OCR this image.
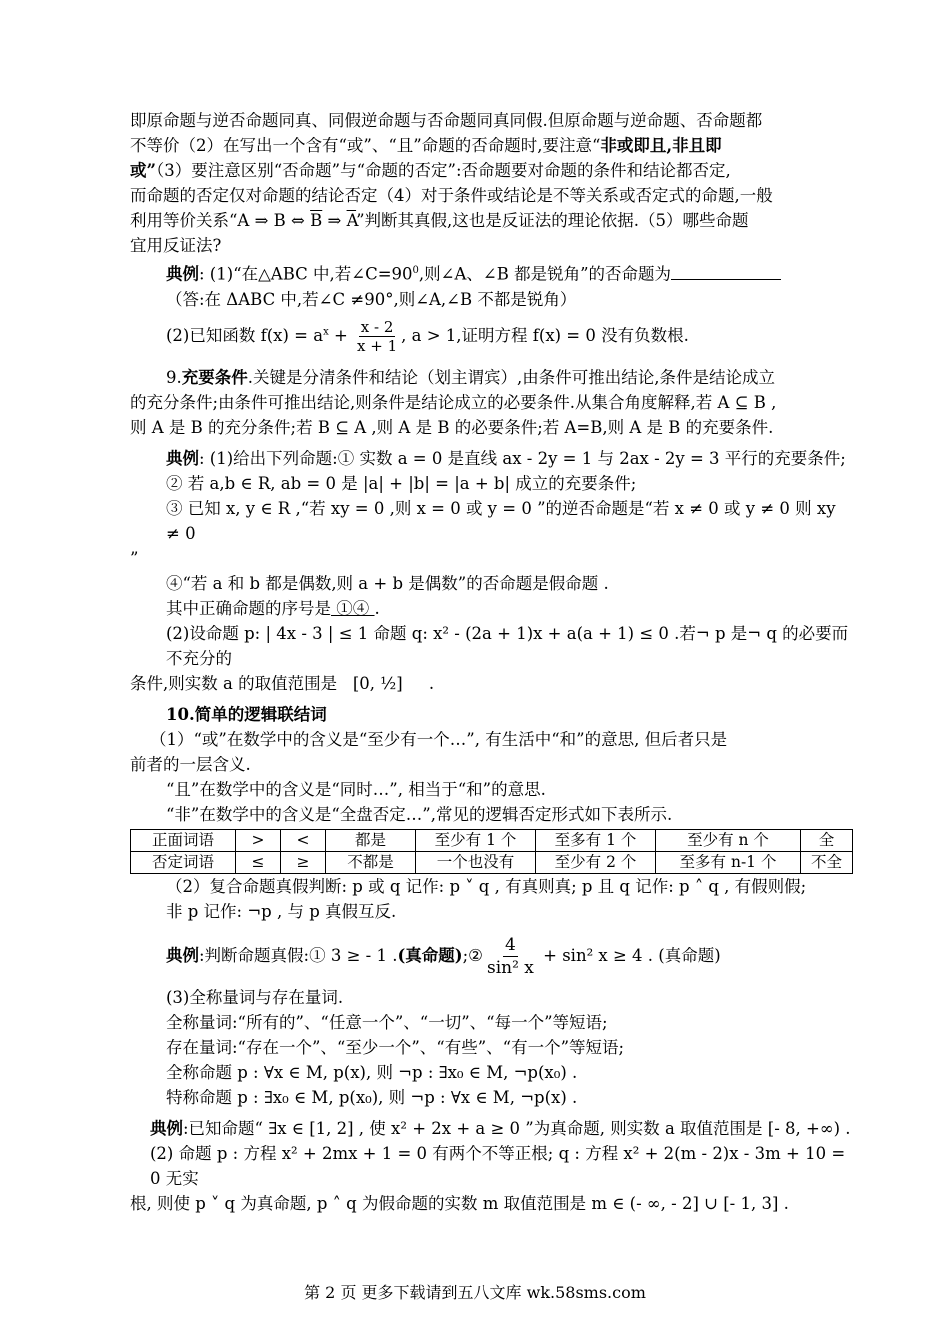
即原命题与逆否命题同真、同假逆命题与否命题同真同假.但原命题与逆命题、否命题都

不等价（2）在写出一个含有“或”、“且”命题的否命题时,要注意“非或即且,非且即

或”（3）要注意区别“否命题”与“命题的否定”:否命题要对命题的条件和结论都否定,

而命题的否定仅对命题的结论否定（4）对于条件或结论是不等关系或否定式的命题,一般

利用等价关系“A ⇒ B ⇔ $\overline{B}$ ⇒ $\overline{A}$”判断其真假,这也是反证法的理论依据.（5）哪些命题

宜用反证法?

典例: (1)“在△ABC 中,若$\angle C=90^0$,则∠A、∠B 都是锐角”的否命题为

（答:在 ΔABC 中,若∠C ≠90°,则∠A,∠B 不都是锐角）

(2)已知函数 $f(x) = a^x + \frac{x - 2}{x + 1}$ , a > 1,证明方程 f(x) = 0 没有负数根.

9.充要条件.关键是分清条件和结论（划主谓宾）,由条件可推出结论,条件是结论成立

的充分条件;由条件可推出结论,则条件是结论成立的必要条件.从集合角度解释,若 A ⊆ B ,

则 A 是 B 的充分条件;若 B ⊆ A ,则 A 是 B 的必要条件;若 A=B,则 A 是 B 的充要条件.

典例: (1)给出下列命题:① 实数 a = 0 是直线 ax - 2y = 1 与 2ax - 2y = 3 平行的充要条件;

② 若 a,b ∈ R, ab = 0 是 |a| + |b| = |a + b| 成立的充要条件;

③ 已知 x, y ∈ R ,“若 xy = 0 ,则 x = 0 或 y = 0 ”的逆否命题是“若 x ≠ 0 或 y ≠ 0 则 xy ≠ 0

”

④“若 a 和 b 都是偶数,则 a + b 是偶数”的否命题是假命题 .

其中正确命题的序号是 ①④ .

(2)设命题 p: | 4x - 3 | ≤ 1 命题 q: x² - (2a + 1)x + a(a + 1) ≤ 0 .若¬ p 是¬ q 的必要而不充分的

条件,则实数 a 的取值范围是 [0, ½] .

10.简单的逻辑联结词

（1）“或”在数学中的含义是“至少有一个…”, 有生活中“和”的意思, 但后者只是

前者的一层含义.

“且”在数学中的含义是“同时…”, 相当于“和”的意思.

“非”在数学中的含义是“全盘否定…”,常见的逻辑否定形式如下表所示.

正面词语	>	<	都是	至少有 1 个	至多有 1 个	至少有 n 个	全
否定词语	≤	≥	不都是	一个也没有	至少有 2 个	至多有 n-1 个	不全

（2）复合命题真假判断: p 或 q 记作: p ˅ q , 有真则真; p 且 q 记作: p ˄ q , 有假则假;

非 p 记作: ¬p , 与 p 真假互反.

典例:判断命题真假:① 3 ≥ - 1 .(真命题);② $\frac{4}{\text{sin² x}} + \sin^2$ x ≥ 4 . (真命题)

(3)全称量词与存在量词.

全称量词:“所有的”、“任意一个”、“一切”、“每一个”等短语;

存在量词:“存在一个”、“至少一个”、“有些”、“有一个”等短语;

全称命题 p : ∀x ∈ M, p(x), 则 ¬p : ∃x₀ ∈ M, ¬p(x₀) .

特称命题 p : ∃x₀ ∈ M, p(x₀), 则 ¬p : ∀x ∈ M, ¬p(x) .

典例:已知命题“ ∃x ∈ [1, 2] , 使 x² + 2x + a ≥ 0 ”为真命题, 则实数 a 取值范围是 [- 8, +∞) .

(2) 命题 p : 方程 x² + 2mx + 1 = 0 有两个不等正根; q : 方程 x² + 2(m - 2)x - 3m + 10 = 0 无实

根, 则使 p ˅ q 为真命题, p ˄ q 为假命题的实数 m 取值范围是 m ∈ (- ∞, - 2] ∪ [- 1, 3] .

第 2 页 更多下载请到五八文库 wk.58sms.com
